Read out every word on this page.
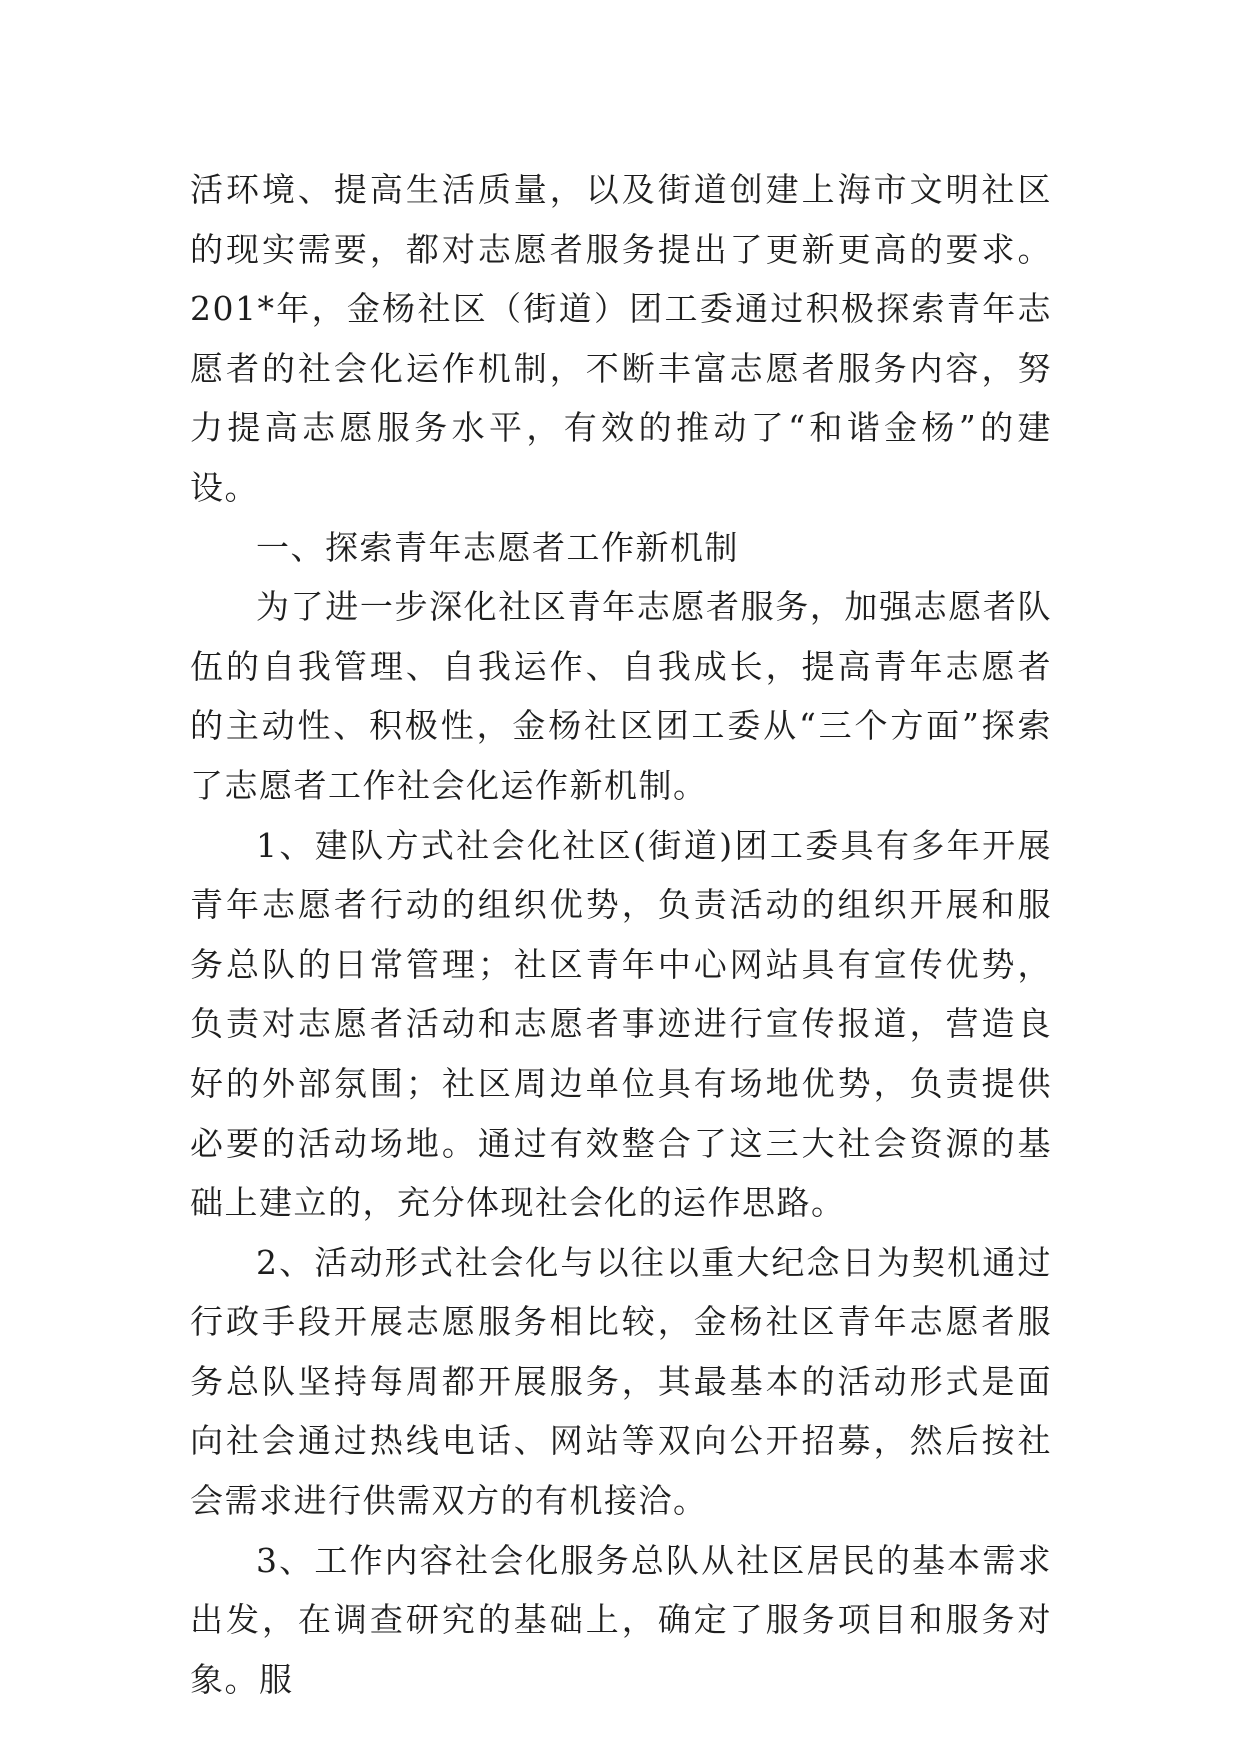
活环境、提高生活质量，以及街道创建上海市文明社区的现实需要，都对志愿者服务提出了更新更高的要求。201*年，金杨社区（街道）团工委通过积极探索青年志愿者的社会化运作机制，不断丰富志愿者服务内容，努力提高志愿服务水平，有效的推动了“和谐金杨”的建设。

一、探索青年志愿者工作新机制

为了进一步深化社区青年志愿者服务，加强志愿者队伍的自我管理、自我运作、自我成长，提高青年志愿者的主动性、积极性，金杨社区团工委从“三个方面”探索了志愿者工作社会化运作新机制。

1、建队方式社会化社区(街道)团工委具有多年开展青年志愿者行动的组织优势，负责活动的组织开展和服务总队的日常管理；社区青年中心网站具有宣传优势，负责对志愿者活动和志愿者事迹进行宣传报道，营造良好的外部氛围；社区周边单位具有场地优势，负责提供必要的活动场地。通过有效整合了这三大社会资源的基础上建立的，充分体现社会化的运作思路。

2、活动形式社会化与以往以重大纪念日为契机通过行政手段开展志愿服务相比较，金杨社区青年志愿者服务总队坚持每周都开展服务，其最基本的活动形式是面向社会通过热线电话、网站等双向公开招募，然后按社会需求进行供需双方的有机接洽。

3、工作内容社会化服务总队从社区居民的基本需求出发，在调查研究的基础上，确定了服务项目和服务对象。服
